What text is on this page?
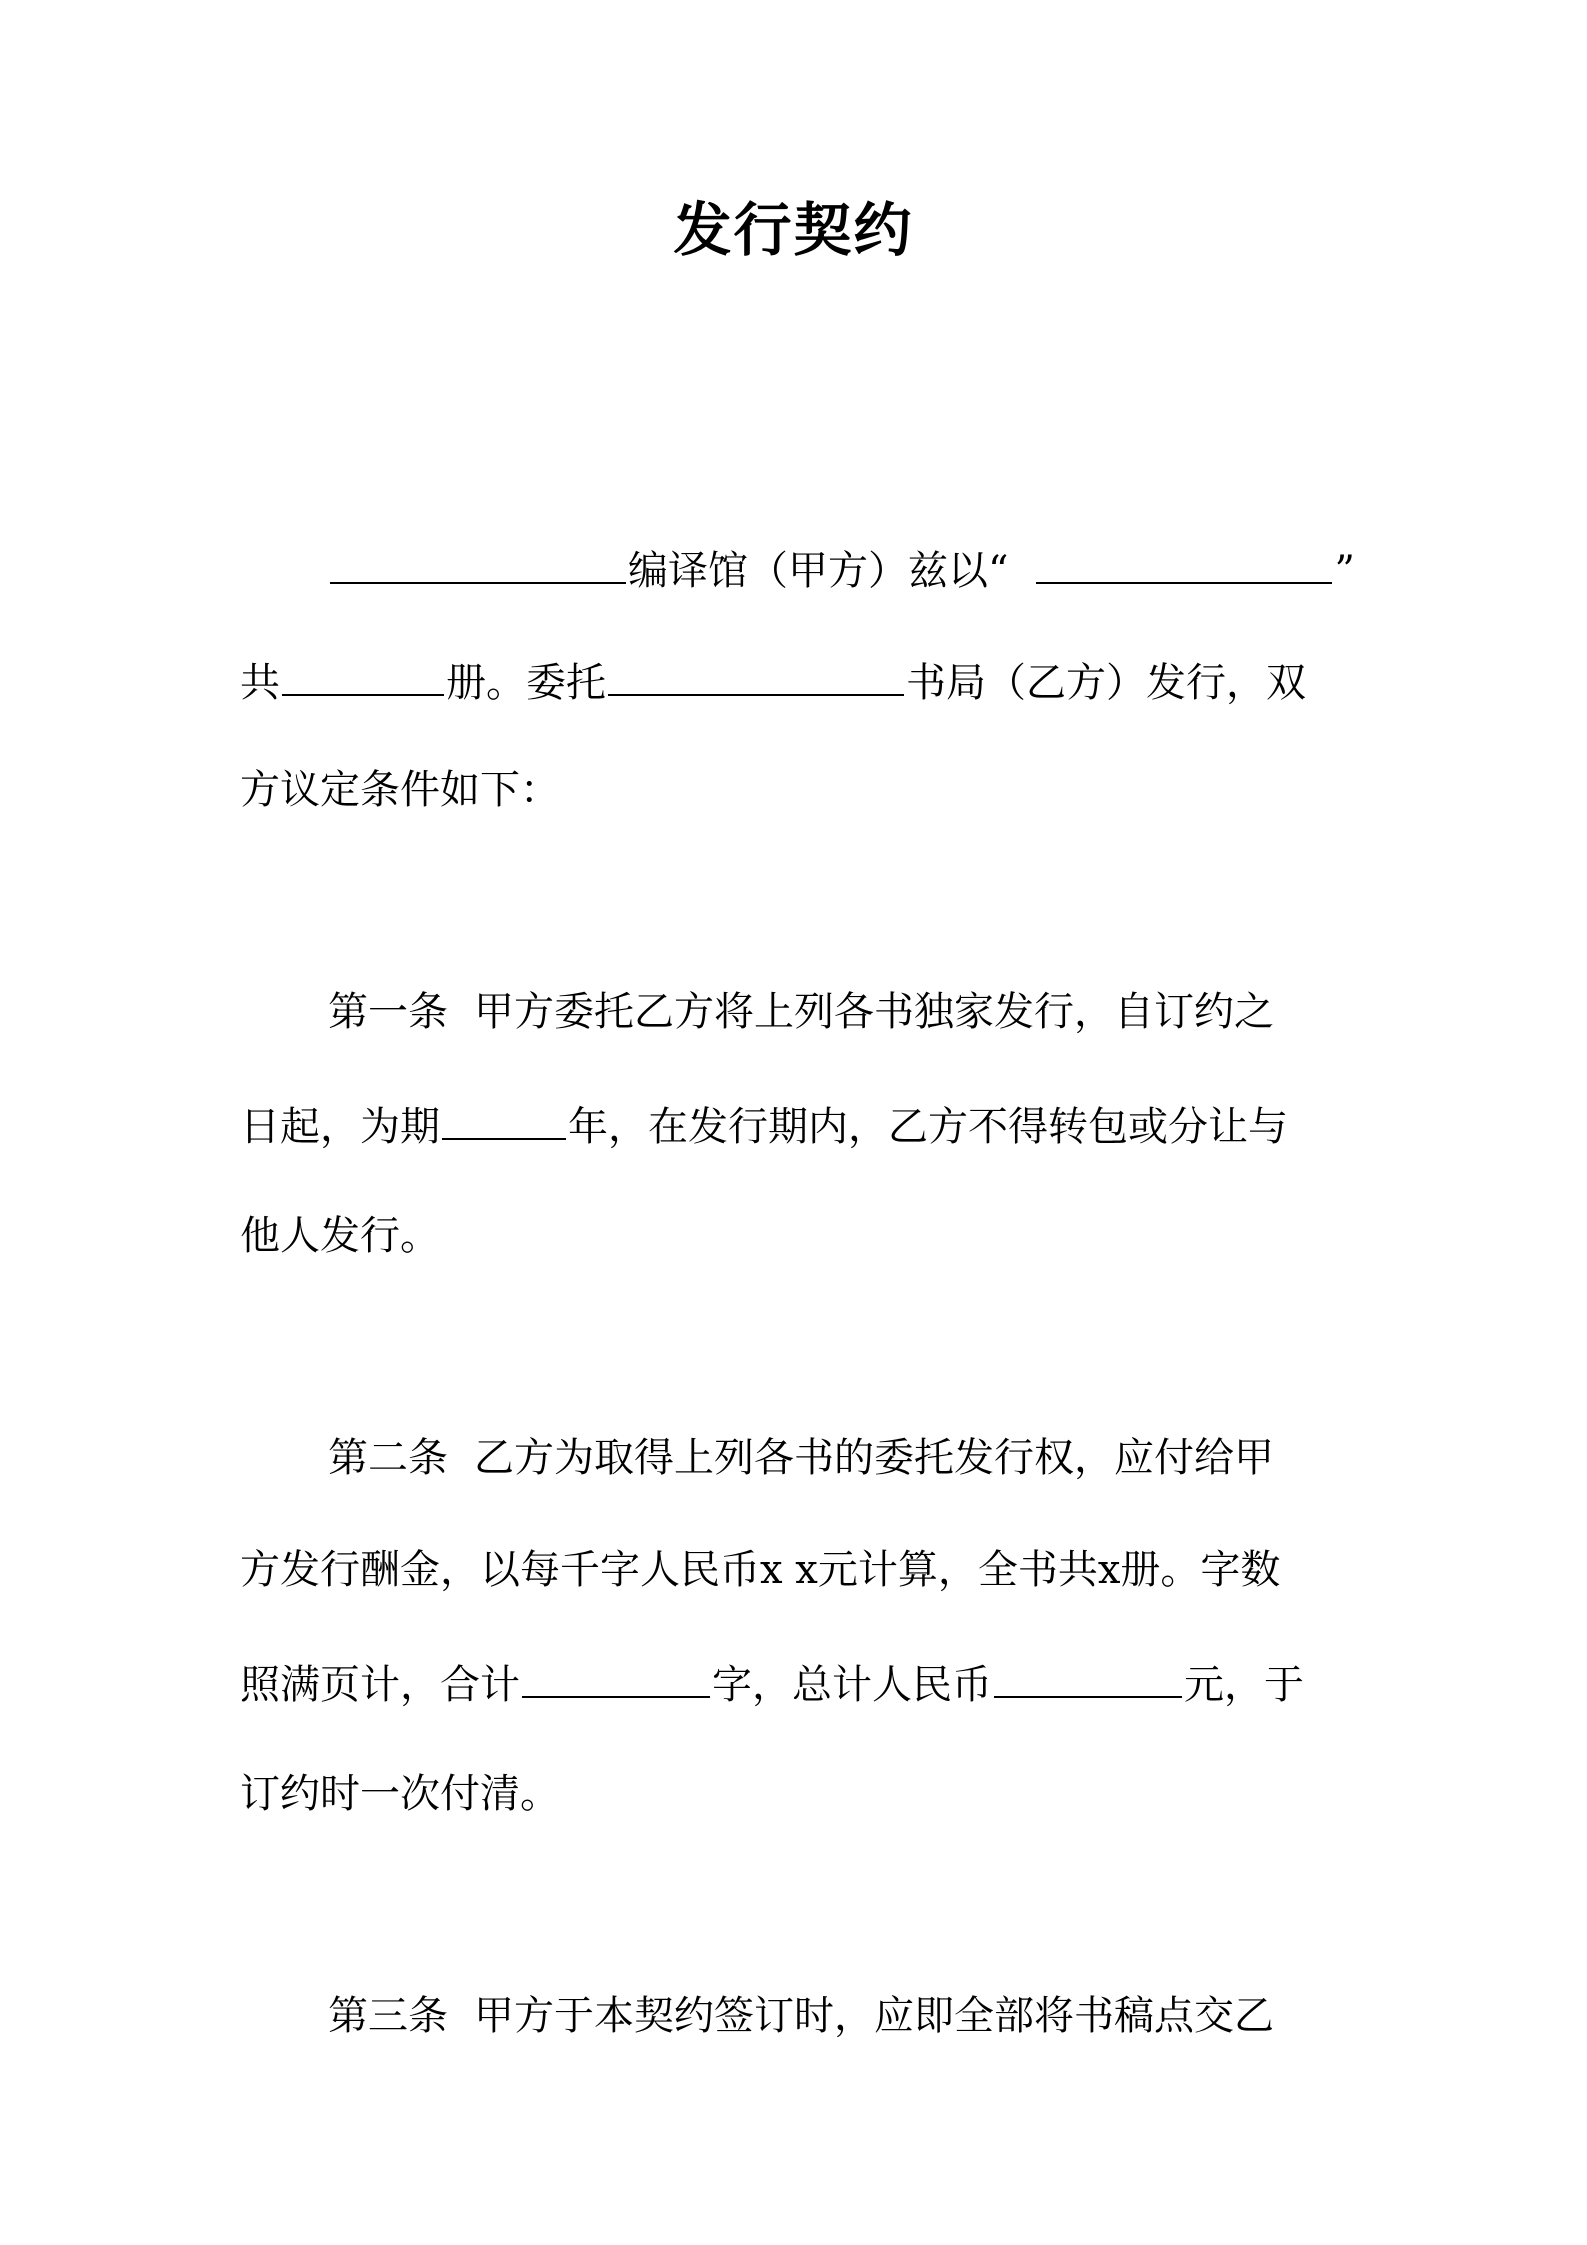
发行契约
编译馆（甲方）兹以“	”
共	册。委托	书局（乙方）发行，双
方议定条件如下：
第一条 甲方委托乙方将上列各书独家发行，自订约之
日起，为期	年，在发行期内，乙方不得转包或分让与
他人发行。
第二条 乙方为取得上列各书的委托发行权，应付给甲
方发行酬金，以每千字人民币x x元计算，全书共x册。字数
照满页计，合计	字，总计人民币	元，于
订约时一次付清。
第三条 甲方于本契约签订时，应即全部将书稿点交乙
